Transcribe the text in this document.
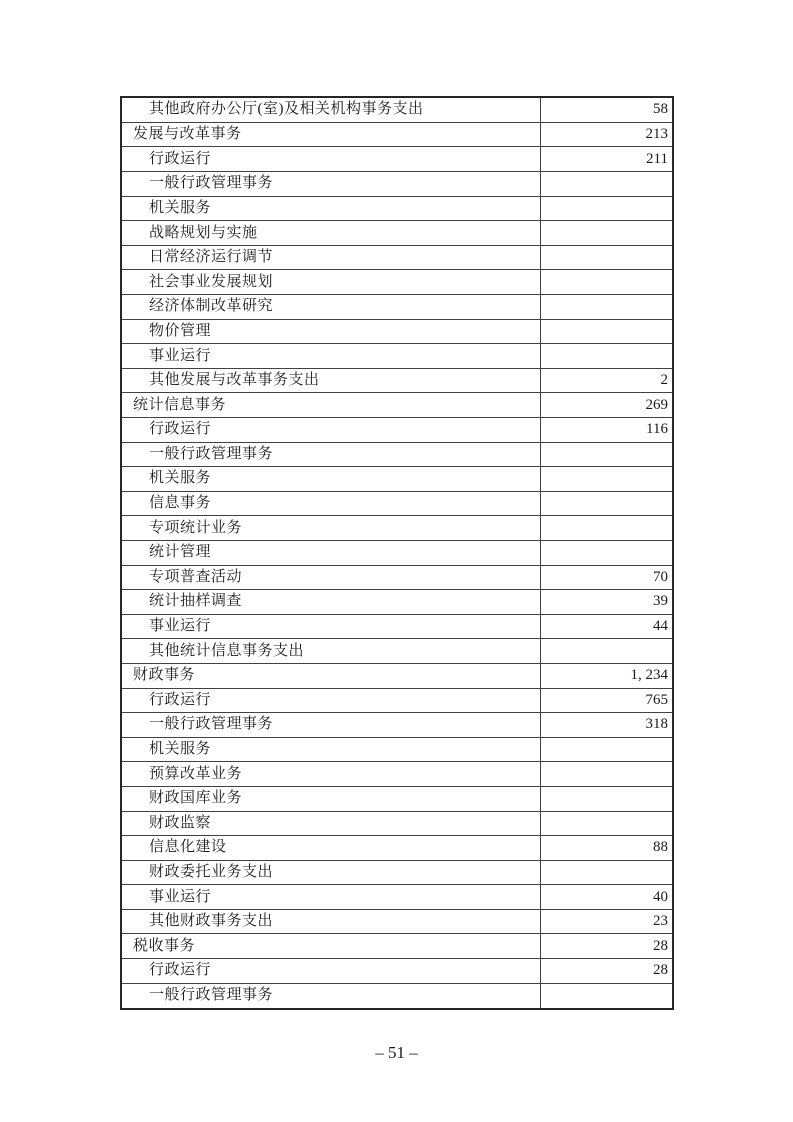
其他政府办公厅(室)及相关机构事务支出	58
发展与改革事务	213
行政运行	211
一般行政管理事务	
机关服务	
战略规划与实施	
日常经济运行调节	
社会事业发展规划	
经济体制改革研究	
物价管理	
事业运行	
其他发展与改革事务支出	2
统计信息事务	269
行政运行	116
一般行政管理事务	
机关服务	
信息事务	
专项统计业务	
统计管理	
专项普查活动	70
统计抽样调查	39
事业运行	44
其他统计信息事务支出	
财政事务	1, 234
行政运行	765
一般行政管理事务	318
机关服务	
预算改革业务	
财政国库业务	
财政监察	
信息化建设	88
财政委托业务支出	
事业运行	40
其他财政事务支出	23
税收事务	28
行政运行	28
一般行政管理事务	
– 51 –
